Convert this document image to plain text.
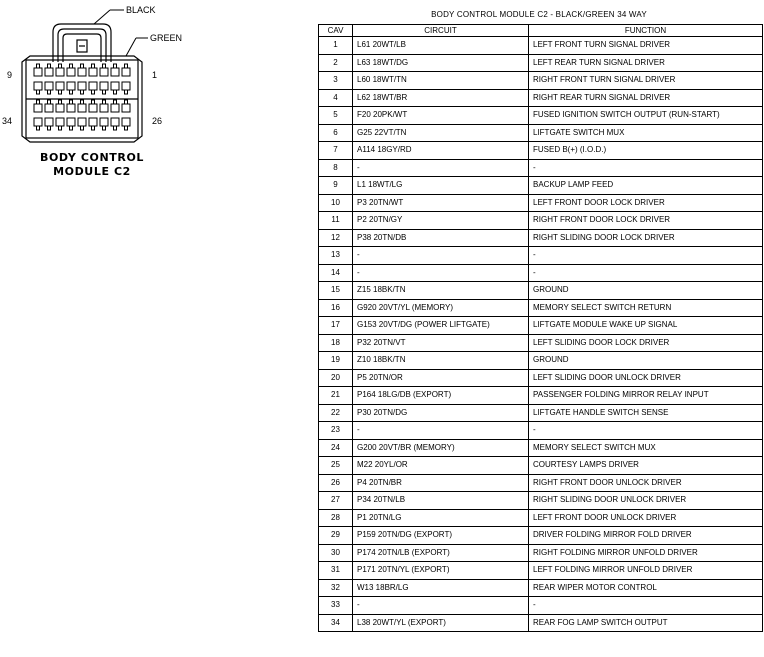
BLACK
GREEN
9	1
34	26
BODY CONTROL
MODULE C2
BODY CONTROL MODULE C2 - BLACK/GREEN 34 WAY
CAV	CIRCUIT	FUNCTION
1	L61 20WT/LB	LEFT FRONT TURN SIGNAL DRIVER
2	L63 18WT/DG	LEFT REAR TURN SIGNAL DRIVER
3	L60 18WT/TN	RIGHT FRONT TURN SIGNAL DRIVER
4	L62 18WT/BR	RIGHT REAR TURN SIGNAL DRIVER
5	F20 20PK/WT	FUSED IGNITION SWITCH OUTPUT (RUN-START)
6	G25 22VT/TN	LIFTGATE SWITCH MUX
7	A114 18GY/RD	FUSED B(+) (I.O.D.)
8	-	-
9	L1 18WT/LG	BACKUP LAMP FEED
10	P3 20TN/WT	LEFT FRONT DOOR LOCK DRIVER
11	P2 20TN/GY	RIGHT FRONT DOOR LOCK DRIVER
12	P38 20TN/DB	RIGHT SLIDING DOOR LOCK DRIVER
13	-	-
14	-	-
15	Z15 18BK/TN	GROUND
16	G920 20VT/YL (MEMORY)	MEMORY SELECT SWITCH RETURN
17	G153 20VT/DG (POWER LIFTGATE)	LIFTGATE MODULE WAKE UP SIGNAL
18	P32 20TN/VT	LEFT SLIDING DOOR LOCK DRIVER
19	Z10 18BK/TN	GROUND
20	P5 20TN/OR	LEFT SLIDING DOOR UNLOCK DRIVER
21	P164 18LG/DB (EXPORT)	PASSENGER FOLDING MIRROR RELAY INPUT
22	P30 20TN/DG	LIFTGATE HANDLE SWITCH SENSE
23	-	-
24	G200 20VT/BR (MEMORY)	MEMORY SELECT SWITCH MUX
25	M22 20YL/OR	COURTESY LAMPS DRIVER
26	P4 20TN/BR	RIGHT FRONT DOOR UNLOCK DRIVER
27	P34 20TN/LB	RIGHT SLIDING DOOR UNLOCK DRIVER
28	P1 20TN/LG	LEFT FRONT DOOR UNLOCK DRIVER
29	P159 20TN/DG (EXPORT)	DRIVER FOLDING MIRROR FOLD DRIVER
30	P174 20TN/LB (EXPORT)	RIGHT FOLDING MIRROR UNFOLD DRIVER
31	P171 20TN/YL (EXPORT)	LEFT FOLDING MIRROR UNFOLD DRIVER
32	W13 18BR/LG	REAR WIPER MOTOR CONTROL
33	-	-
34	L38 20WT/YL (EXPORT)	REAR FOG LAMP SWITCH OUTPUT
